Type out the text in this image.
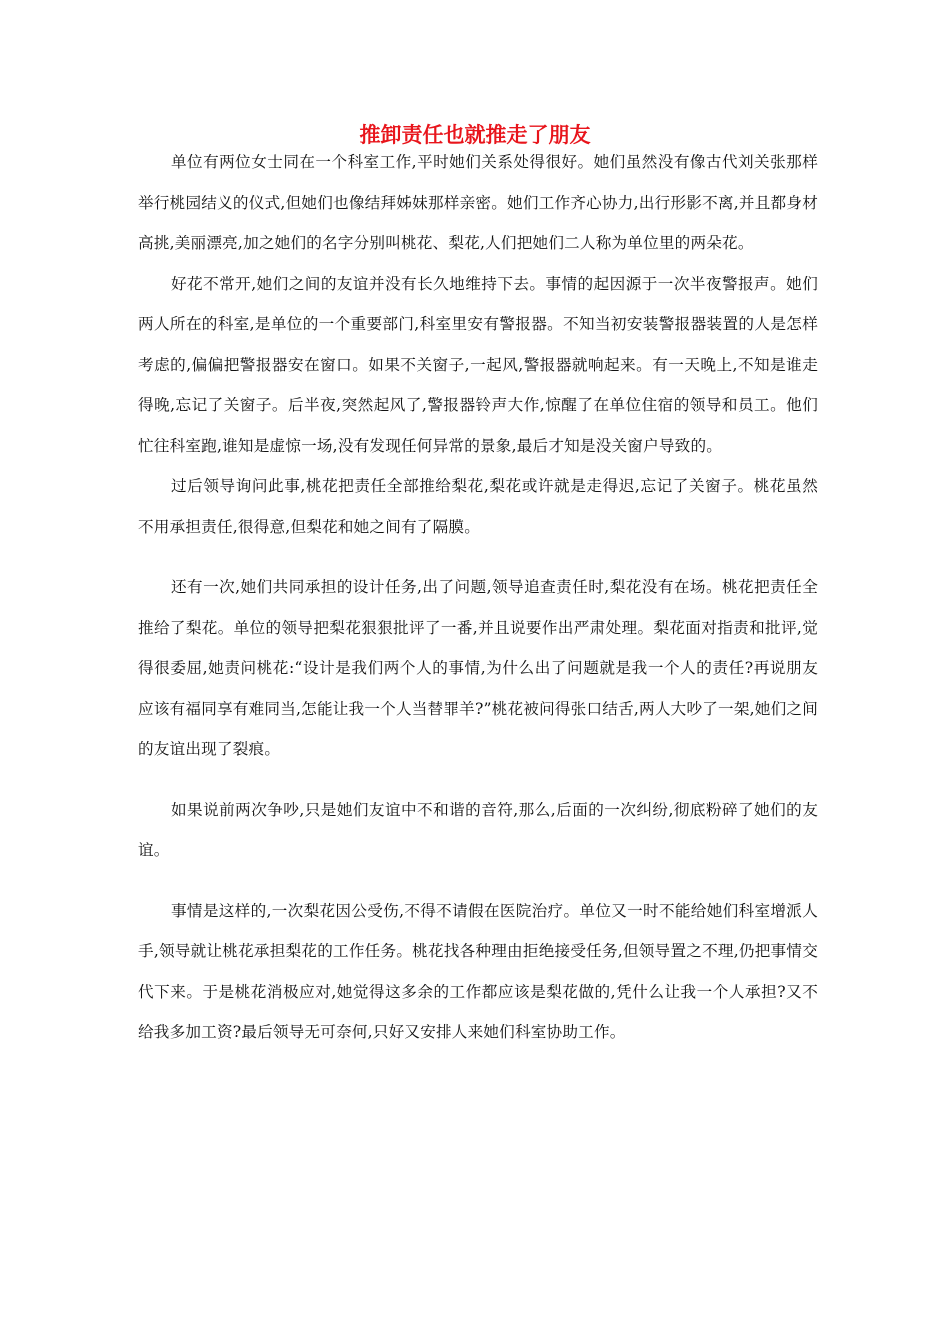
推卸责任也就推走了朋友

单位有两位女士同在一个科室工作,平时她们关系处得很好。她们虽然没有像古代刘关张那样举行桃园结义的仪式,但她们也像结拜姊妹那样亲密。她们工作齐心协力,出行形影不离,并且都身材高挑,美丽漂亮,加之她们的名字分别叫桃花、梨花,人们把她们二人称为单位里的两朵花。

好花不常开,她们之间的友谊并没有长久地维持下去。事情的起因源于一次半夜警报声。她们两人所在的科室,是单位的一个重要部门,科室里安有警报器。不知当初安装警报器装置的人是怎样考虑的,偏偏把警报器安在窗口。如果不关窗子,一起风,警报器就响起来。有一天晚上,不知是谁走得晚,忘记了关窗子。后半夜,突然起风了,警报器铃声大作,惊醒了在单位住宿的领导和员工。他们忙往科室跑,谁知是虚惊一场,没有发现任何异常的景象,最后才知是没关窗户导致的。

过后领导询问此事,桃花把责任全部推给梨花,梨花或许就是走得迟,忘记了关窗子。桃花虽然不用承担责任,很得意,但梨花和她之间有了隔膜。

还有一次,她们共同承担的设计任务,出了问题,领导追查责任时,梨花没有在场。桃花把责任全推给了梨花。单位的领导把梨花狠狠批评了一番,并且说要作出严肃处理。梨花面对指责和批评,觉得很委屈,她责问桃花:“设计是我们两个人的事情,为什么出了问题就是我一个人的责任?再说朋友应该有福同享有难同当,怎能让我一个人当替罪羊?”桃花被问得张口结舌,两人大吵了一架,她们之间的友谊出现了裂痕。

如果说前两次争吵,只是她们友谊中不和谐的音符,那么,后面的一次纠纷,彻底粉碎了她们的友谊。

事情是这样的,一次梨花因公受伤,不得不请假在医院治疗。单位又一时不能给她们科室增派人手,领导就让桃花承担梨花的工作任务。桃花找各种理由拒绝接受任务,但领导置之不理,仍把事情交代下来。于是桃花消极应对,她觉得这多余的工作都应该是梨花做的,凭什么让我一个人承担?又不给我多加工资?最后领导无可奈何,只好又安排人来她们科室协助工作。
